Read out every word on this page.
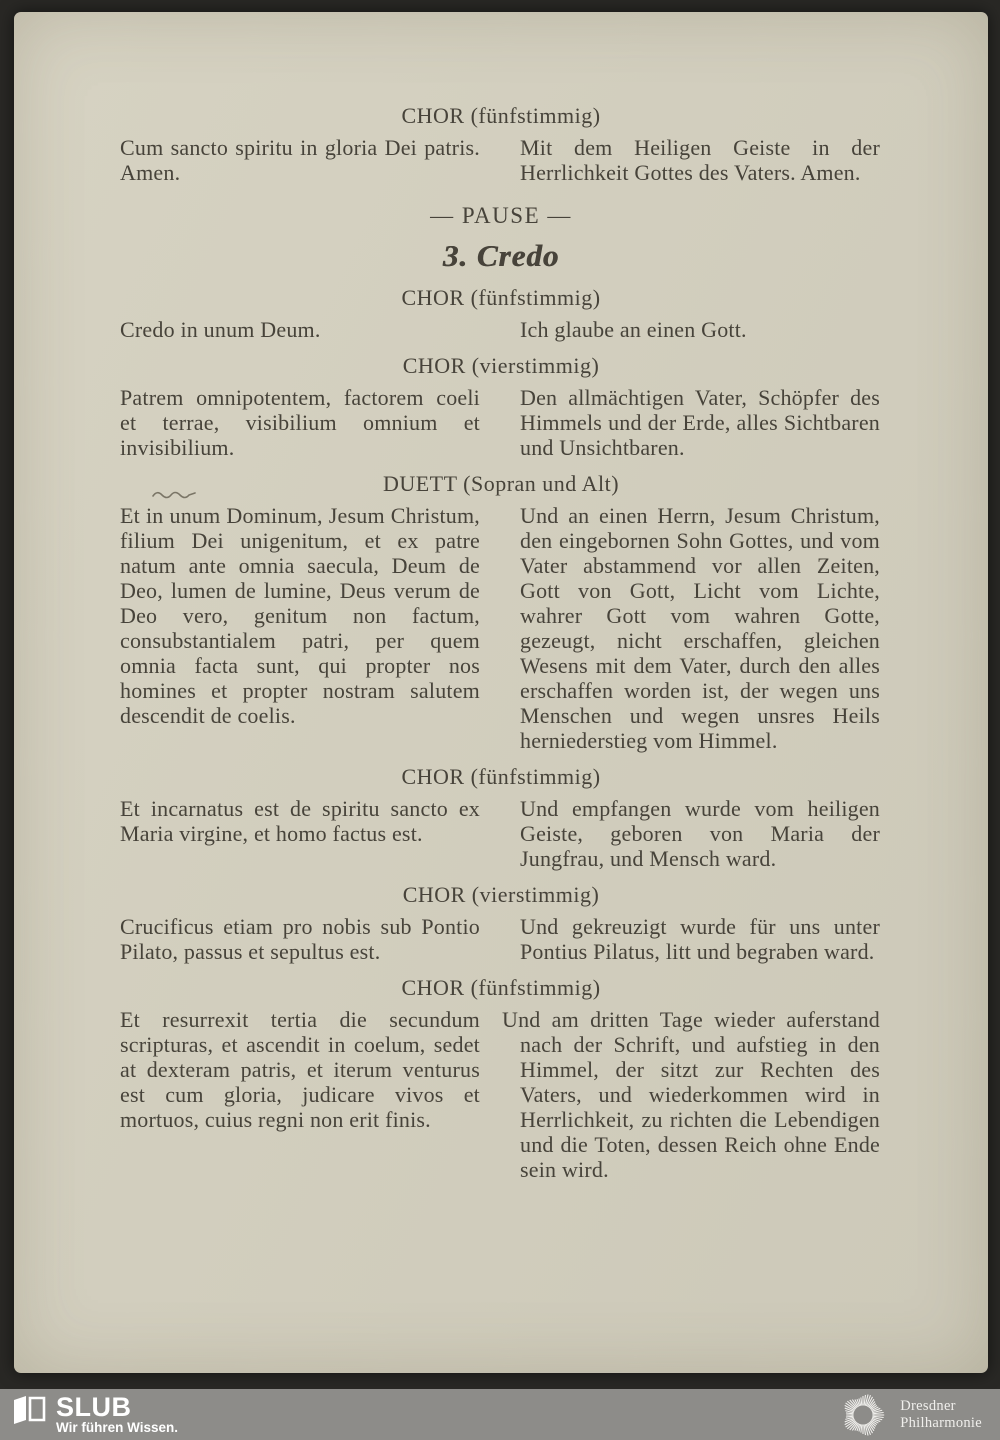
CHOR (fünfstimmig)

Cum sancto spiritu in gloria Dei patris. Amen.

Mit dem Heiligen Geiste in der Herrlichkeit Gottes des Vaters. Amen.

— PAUSE —
3. Credo
CHOR (fünfstimmig)

Credo in unum Deum.	Ich glaube an einen Gott.

CHOR (vierstimmig)

Patrem omnipotentem, factorem coeli et terrae, visibilium omnium et invisibilium.

Den allmächtigen Vater, Schöpfer des Himmels und der Erde, alles Sichtbaren und Unsichtbaren.

DUETT (Sopran und Alt)

Et in unum Dominum, Jesum Christum, filium Dei unigenitum, et ex patre natum ante omnia saecula, Deum de Deo, lumen de lumine, Deus verum de Deo vero, genitum non factum, consubstantialem patri, per quem omnia facta sunt, qui propter nos homines et propter nostram salutem descendit de coelis.

Und an einen Herrn, Jesum Christum, den eingebornen Sohn Gottes, und vom Vater abstammend vor allen Zeiten, Gott von Gott, Licht vom Lichte, wahrer Gott vom wahren Gotte, gezeugt, nicht erschaffen, gleichen Wesens mit dem Vater, durch den alles erschaffen worden ist, der wegen uns Menschen und wegen unsres Heils herniederstieg vom Himmel.

CHOR (fünfstimmig)

Et incarnatus est de spiritu sancto ex Maria virgine, et homo factus est.

Und empfangen wurde vom heiligen Geiste, geboren von Maria der Jungfrau, und Mensch ward.

CHOR (vierstimmig)

Crucificus etiam pro nobis sub Pontio Pilato, passus et sepultus est.

Und gekreuzigt wurde für uns unter Pontius Pilatus, litt und begraben ward.

CHOR (fünfstimmig)

Et resurrexit tertia die secundum scripturas, et ascendit in coelum, sedet at dexteram patris, et iterum venturus est cum gloria, judicare vivos et mortuos, cuius regni non erit finis.

Und am dritten Tage wieder auferstand nach der Schrift, und aufstieg in den Himmel, der sitzt zur Rechten des Vaters, und wiederkommen wird in Herrlichkeit, zu richten die Lebendigen und die Toten, dessen Reich ohne Ende sein wird.

SLUB
Wir führen Wissen.
Dresdner
Philharmonie
